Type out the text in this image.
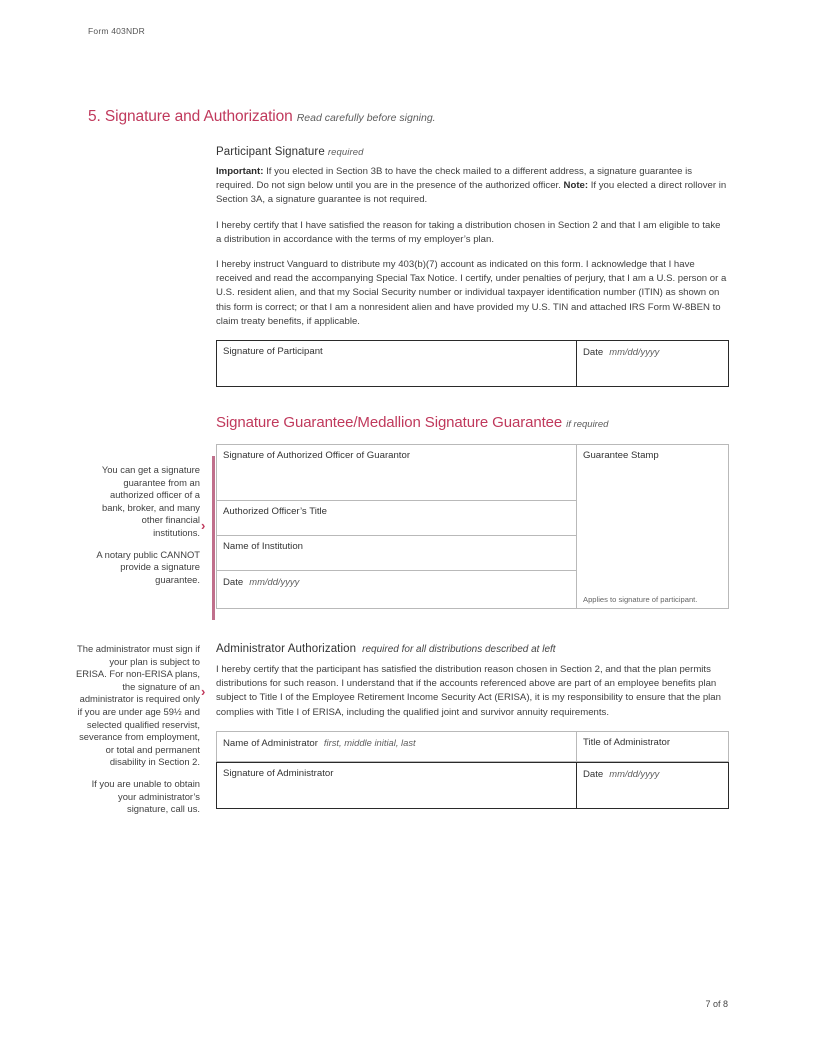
Form 403NDR
5. Signature and Authorization Read carefully before signing.

You can get a signature guarantee from an authorized officer of a bank, broker, and many other financial institutions.

A notary public CANNOT provide a signature guarantee.

›

The administrator must sign if your plan is subject to ERISA. For non-ERISA plans, the signature of an administrator is required only if you are under age 59½ and selected qualified reservist, severance from employment, or total and permanent disability in Section 2.

If you are unable to obtain your administrator’s signature, call us.

›
Participant Signature required

Important: If you elected in Section 3B to have the check mailed to a different address, a signature guarantee is required. Do not sign below until you are in the presence of the authorized officer. Note: If you elected a direct rollover in Section 3A, a signature guarantee is not required.

I hereby certify that I have satisfied the reason for taking a distribution chosen in Section 2 and that I am eligible to take a distribution in accordance with the terms of my employer’s plan.

I hereby instruct Vanguard to distribute my 403(b)(7) account as indicated on this form. I acknowledge that I have received and read the accompanying Special Tax Notice. I certify, under penalties of perjury, that I am a U.S. person or a U.S. resident alien, and that my Social Security number or individual taxpayer identification number (ITIN) as shown on this form is correct; or that I am a nonresident alien and have provided my U.S. TIN and attached IRS Form W-8BEN to claim treaty benefits, if applicable.

Signature of Participant	Date mm/dd/yyyy
Signature Guarantee/Medallion Signature Guarantee if required
Signature of Authorized Officer of Guarantor	Guarantee Stamp
Applies to signature of participant.

Authorized Officer’s Title
Name of Institution
Date mm/dd/yyyy
Administrator Authorization required for all distributions described at left

I hereby certify that the participant has satisfied the distribution reason chosen in Section 2, and that the plan permits distributions for such reason. I understand that if the accounts referenced above are part of an employee benefits plan subject to Title I of the Employee Retirement Income Security Act (ERISA), it is my responsibility to ensure that the plan complies with Title I of ERISA, including the qualified joint and survivor annuity requirements.

Name of Administrator first, middle initial, last	Title of Administrator
Signature of Administrator	Date mm/dd/yyyy
7 of 8
